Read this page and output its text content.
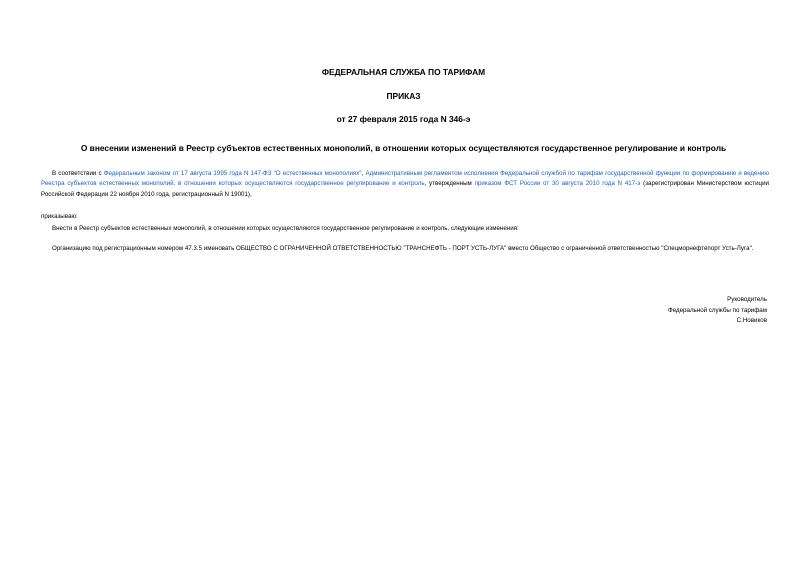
ФЕДЕРАЛЬНАЯ СЛУЖБА ПО ТАРИФАМ
ПРИКАЗ
от 27 февраля 2015 года N 346-э
О внесении изменений в Реестр субъектов естественных монополий, в отношении которых осуществляются государственное регулирование и контроль
В соответствии с Федеральным законом от 17 августа 1995 года N 147-ФЗ "О естественных монополиях", Административным регламентом исполнения Федеральной службой по тарифам государственной функции по формированию и ведению Реестра субъектов естественных монополий, в отношении которых осуществляются государственное регулирование и контроль, утвержденным приказом ФСТ России от 30 августа 2010 года N 417-э (зарегистрирован Министерством юстиции Российской Федерации 22 ноября 2010 года, регистрационный N 19001),
приказываю:
Внести в Реестр субъектов естественных монополий, в отношении которых осуществляются государственное регулирование и контроль, следующие изменения:
Организацию под регистрационным номером 47.3.5 именовать ОБЩЕСТВО С ОГРАНИЧЕННОЙ ОТВЕТСТВЕННОСТЬЮ "ТРАНСНЕФТЬ - ПОРТ УСТЬ-ЛУГА" вместо Общество с ограниченной ответственностью "Спецморнефтепорт Усть-Луга".
Руководитель
Федеральной службы по тарифам
С.Новиков
